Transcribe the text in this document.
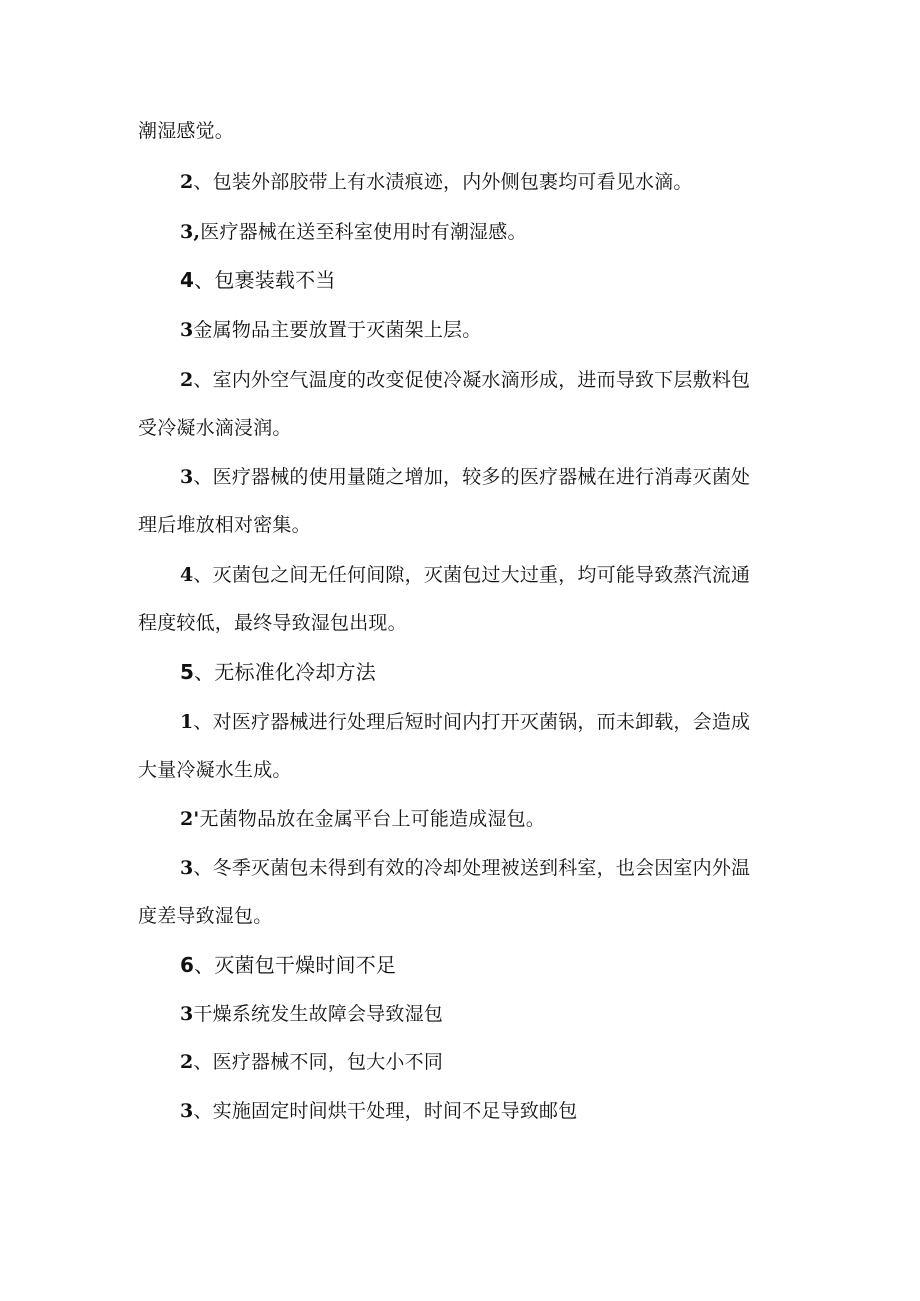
潮湿感觉。
2、包装外部胶带上有水渍痕迹，内外侧包裹均可看见水滴。
3,医疗器械在送至科室使用时有潮湿感。
4、包裹装载不当
3金属物品主要放置于灭菌架上层。
2、室内外空气温度的改变促使冷凝水滴形成，进而导致下层敷料包
受冷凝水滴浸润。
3、医疗器械的使用量随之增加，较多的医疗器械在进行消毒灭菌处
理后堆放相对密集。
4、灭菌包之间无任何间隙，灭菌包过大过重，均可能导致蒸汽流通
程度较低，最终导致湿包出现。
5、无标准化冷却方法
1、对医疗器械进行处理后短时间内打开灭菌锅，而未卸载，会造成
大量冷凝水生成。
2'无菌物品放在金属平台上可能造成湿包。
3、冬季灭菌包未得到有效的冷却处理被送到科室，也会因室内外温
度差导致湿包。
6、灭菌包干燥时间不足
3干燥系统发生故障会导致湿包
2、医疗器械不同，包大小不同
3、实施固定时间烘干处理，时间不足导致邮包
